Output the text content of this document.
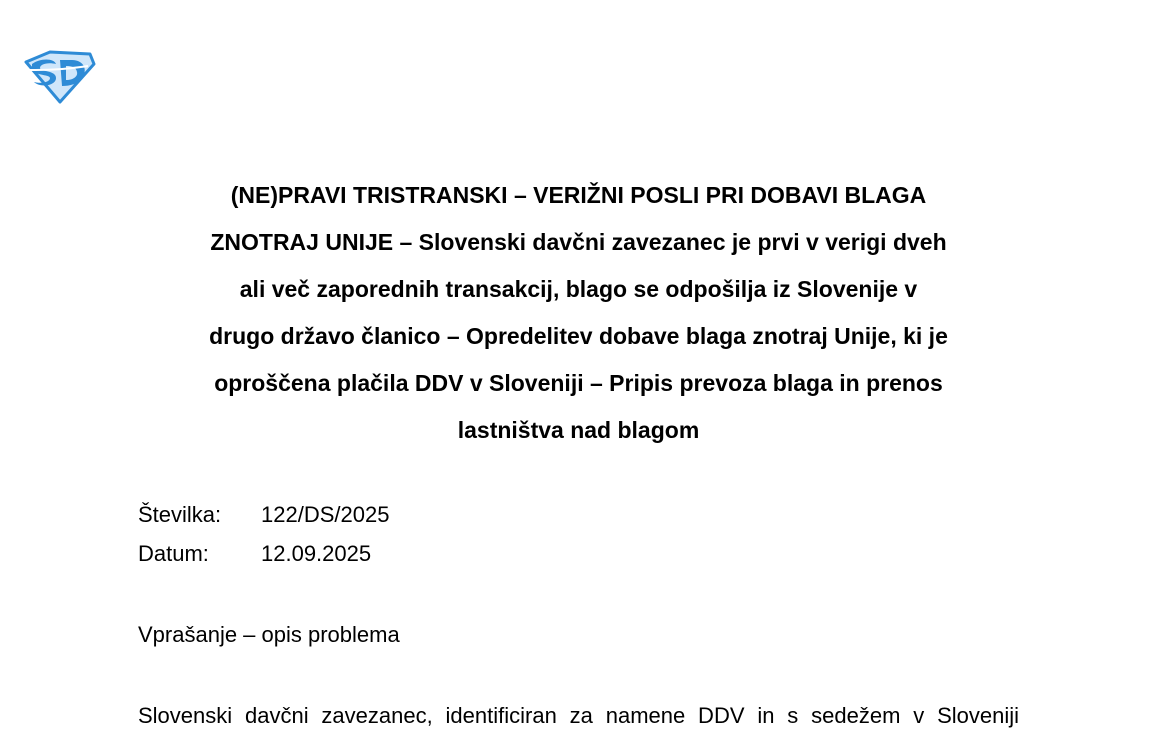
(NE)PRAVI TRISTRANSKI – VERIŽNI POSLI PRI DOBAVI BLAGA
ZNOTRAJ UNIJE – Slovenski davčni zavezanec je prvi v verigi dveh
ali več zaporednih transakcij, blago se odpošilja iz Slovenije v
drugo državo članico – Opredelitev dobave blaga znotraj Unije, ki je
oproščena plačila DDV v Sloveniji – Pripis prevoza blaga in prenos
lastništva nad blagom
Številka: 122/DS/2025
Datum: 12.09.2025

Vprašanje – opis problema

Slovenski davčni zavezanec, identificiran za namene DDV in s sedežem v Sloveniji
